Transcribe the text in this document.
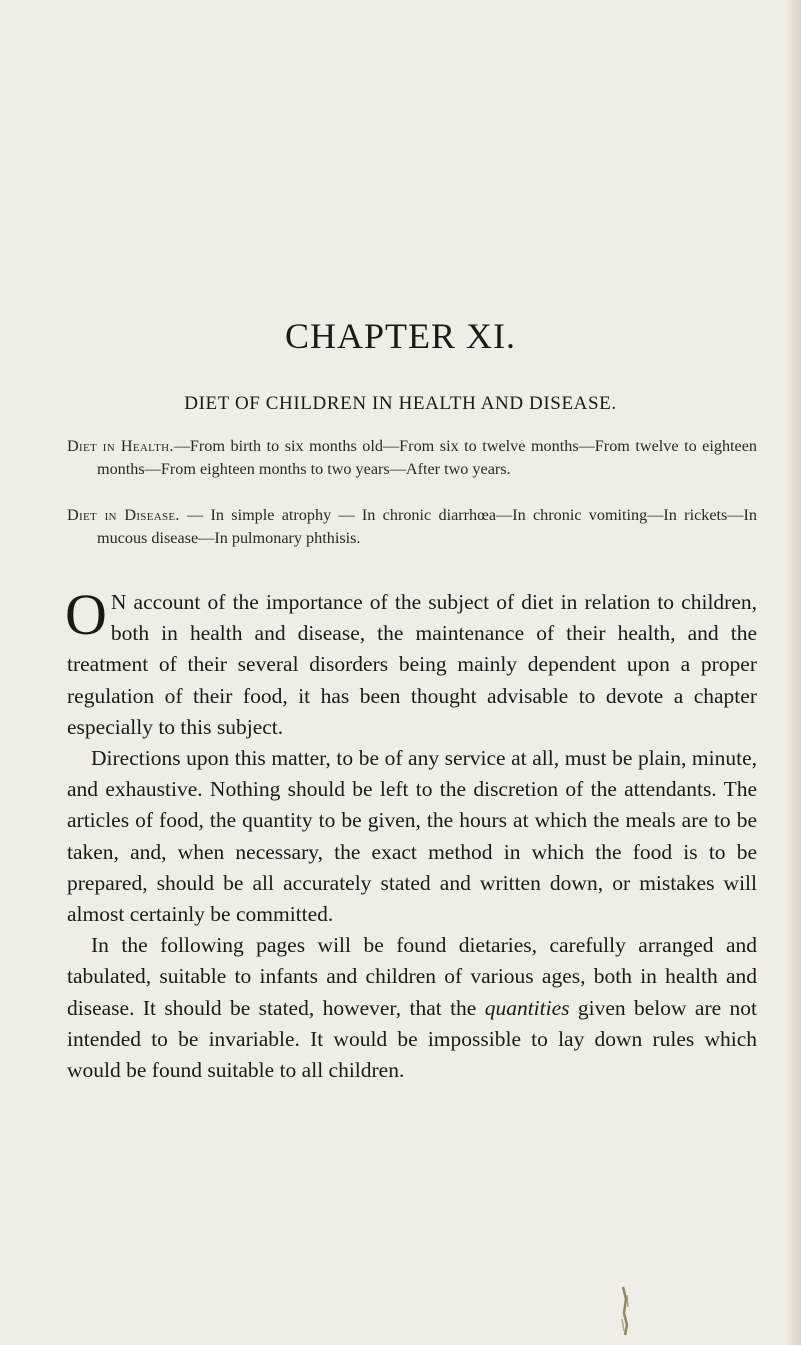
CHAPTER XI.
DIET OF CHILDREN IN HEALTH AND DISEASE.

Diet in Health.—From birth to six months old—From six to twelve months—From twelve to eighteen months—From eighteen months to two years—After two years.

Diet in Disease. — In simple atrophy — In chronic diarrhœa—In chronic vomiting—In rickets—In mucous disease—In pulmonary phthisis.

O N account of the importance of the subject of diet in relation to children, both in health and disease, the maintenance of their health, and the treatment of their several disorders being mainly dependent upon a proper regulation of their food, it has been thought advisable to devote a chapter especially to this subject.

Directions upon this matter, to be of any service at all, must be plain, minute, and exhaustive. Nothing should be left to the discretion of the attendants. The articles of food, the quantity to be given, the hours at which the meals are to be taken, and, when necessary, the exact method in which the food is to be prepared, should be all accurately stated and written down, or mistakes will almost certainly be committed.

In the following pages will be found dietaries, carefully arranged and tabulated, suitable to infants and children of various ages, both in health and disease. It should be stated, however, that the quantities given below are not intended to be invariable. It would be impossible to lay down rules which would be found suitable to all children.
